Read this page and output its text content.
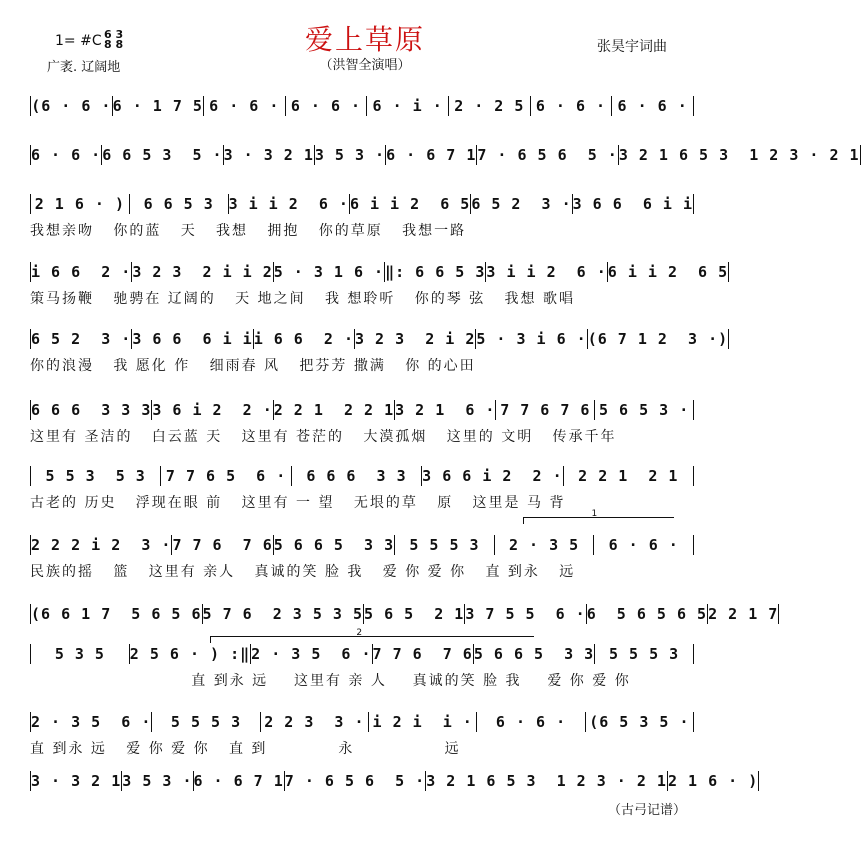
爱上草原
（洪智全演唱）
张昊宇词曲
1= #C 6 3
8 8
广袤. 辽阔地
(6 · 6 · 6 · 1 7 5 6 · 6 · 6 · 6 · 6 · i · 2 · 2 5 6 · 6 · 6 · 6 ·
6 · 6 · 6 6 5 3  5 · 3 · 3 2 1 3 5 3 · 6 · 6 7 1 7 · 6 5 6  5 · 3 2 1 6 5 3  1 2 3 · 2 1
2 1 6 · )	6 6 5 3 3 i i 2  6 · 6 i i 2  6 5 6 5 2  3 · 3 6 6  6 i i
我想亲吻   你的蓝   天   我想   拥抱   你的草原   我想一路
i 6 6  2 · 3 2 3  2 i i 2 5 · 3 1 6 · ‖: 6 6 5 3 3 i i 2  6 · 6 i i 2  6 5
策马扬鞭   驰骋在 辽阔的   天 地之间   我 想聆听   你的琴 弦   我想 歌唱
6 5 2  3 · 3 6 6  6 i i i 6 6  2 · 3 2 3  2 i 2 5 · 3 i 6 · (6 7 1 2  3 ·)
你的浪漫   我 愿化 作   细雨春 风   把芬芳 撒满   你 的心田
6 6 6  3 3 3 3 6 i 2  2 · 2 2 1  2 2 1 3 2 1  6 · 7 7 6 7 6 5 6 5 3 ·
这里有 圣洁的   白云蓝 天   这里有 苍茫的   大漠孤烟   这里的 文明   传承千年
5 5 3  5 3	7 7 6 5  6 ·	6 6 6  3 3	3 6 6 i 2  2 ·	2 2 1  2 1
古老的 历史   浮现在眼 前   这里有 一 望   无垠的草   原   这里是 马 背
2 2 2 i 2  3 · 7 7 6  7 6 5 6 6 5  3 3	5 5 5 3	2 · 3 5	6 · 6 ·
民族的摇   篮   这里有 亲人   真诚的笑 脸 我   爱 你 爱 你   直 到永   远
(6 6 1 7  5 6 5 6 5 7 6  2 3 5 3 5 5 6 5  2 1 3 7 5 5  6 · 6  5 6 5 6 5 2 2 1 7
5 3 5	2 5 6 · ) :‖ 2 · 3 5  6 · 7 7 6  7 6 5 6 6 5  3 3 5 5 5 3
直 到永 远    这里有 亲 人    真诚的笑 脸 我    爱 你 爱 你
2 · 3 5  6 ·	5 5 5 3	2 2 3  3 · i 2 i  i ·	6 · 6 ·	(6 5 3 5 ·
直 到永 远   爱 你 爱 你   直 到           永              远
3 · 3 2 1 3 5 3 · 6 · 6 7 1 7 · 6 5 6  5 · 3 2 1 6 5 3  1 2 3 · 2 1 2 1 6 · )
1
2
（古弓记谱）
